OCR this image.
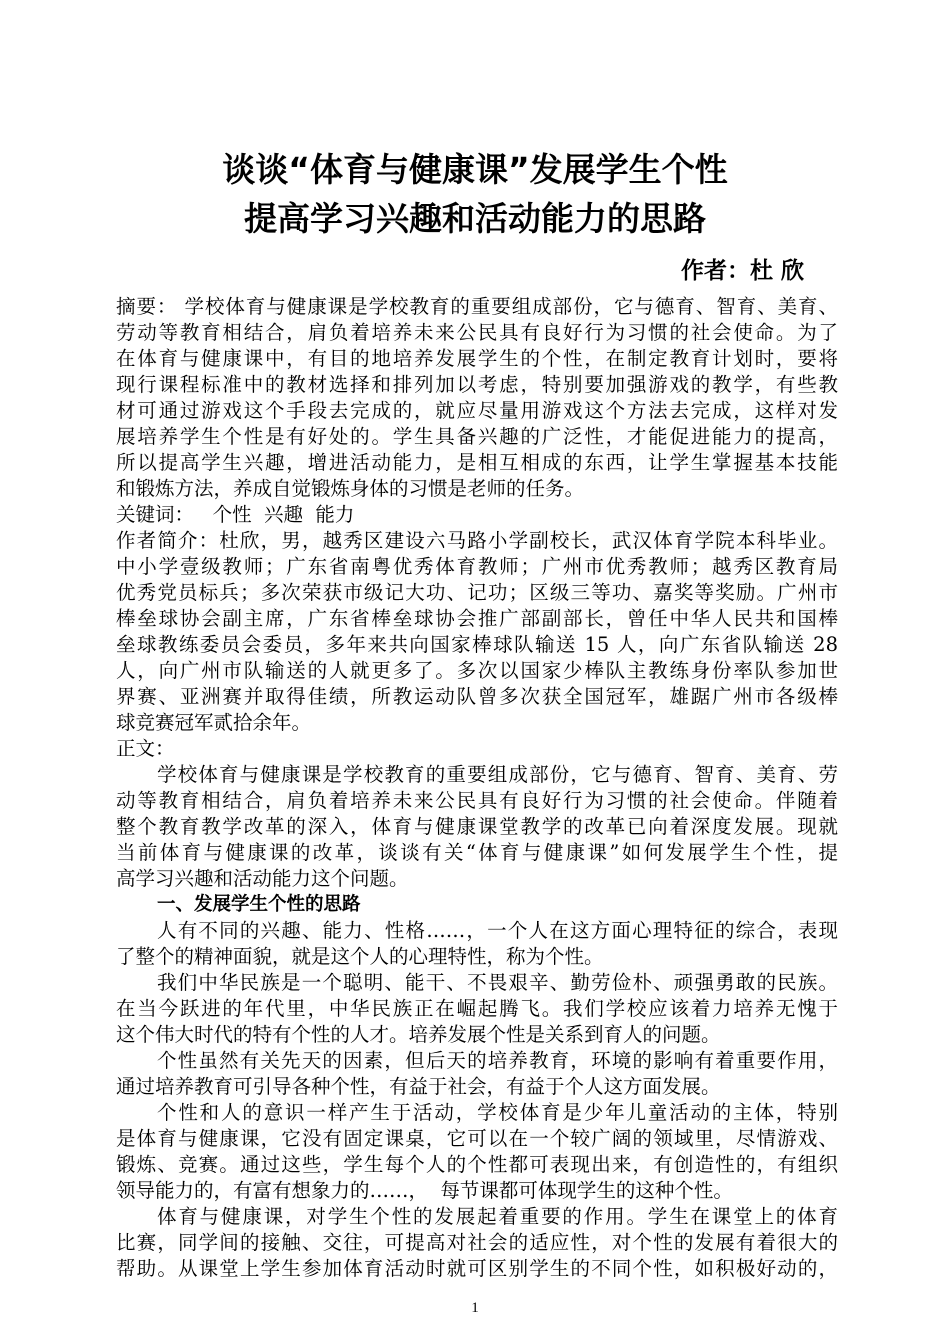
谈谈“体育与健康课”发展学生个性
提高学习兴趣和活动能力的思路
作者：杜 欣
摘要： 学校体育与健康课是学校教育的重要组成部份，它与德育、智育、美育、
劳动等教育相结合，肩负着培养未来公民具有良好行为习惯的社会使命。为了
在体育与健康课中，有目的地培养发展学生的个性，在制定教育计划时，要将
现行课程标准中的教材选择和排列加以考虑，特别要加强游戏的教学，有些教
材可通过游戏这个手段去完成的，就应尽量用游戏这个方法去完成，这样对发
展培养学生个性是有好处的。学生具备兴趣的广泛性，才能促进能力的提高，
所以提高学生兴趣，增进活动能力，是相互相成的东西，让学生掌握基本技能
和锻炼方法，养成自觉锻炼身体的习惯是老师的任务。
关键词：   个性  兴趣  能力
作者简介：杜欣，男，越秀区建设六马路小学副校长，武汉体育学院本科毕业。
中小学壹级教师；广东省南粤优秀体育教师；广州市优秀教师；越秀区教育局
优秀党员标兵；多次荣获市级记大功、记功；区级三等功、嘉奖等奖励。广州市
棒垒球协会副主席，广东省棒垒球协会推广部副部长，曾任中华人民共和国棒
垒球教练委员会委员，多年来共向国家棒球队输送 15 人，向广东省队输送 28
人，向广州市队输送的人就更多了。多次以国家少棒队主教练身份率队参加世
界赛、亚洲赛并取得佳绩，所教运动队曾多次获全国冠军，雄踞广州市各级棒
球竞赛冠军贰拾余年。
正文：
学校体育与健康课是学校教育的重要组成部份，它与德育、智育、美育、劳
动等教育相结合，肩负着培养未来公民具有良好行为习惯的社会使命。伴随着
整个教育教学改革的深入，体育与健康课堂教学的改革已向着深度发展。现就
当前体育与健康课的改革，谈谈有关“体育与健康课”如何发展学生个性，提
高学习兴趣和活动能力这个问题。
一、发展学生个性的思路
人有不同的兴趣、能力、性格……，一个人在这方面心理特征的综合，表现
了整个的精神面貌，就是这个人的心理特性，称为个性。
我们中华民族是一个聪明、能干、不畏艰辛、勤劳俭朴、顽强勇敢的民族。
在当今跃进的年代里，中华民族正在崛起腾飞。我们学校应该着力培养无愧于
这个伟大时代的特有个性的人才。培养发展个性是关系到育人的问题。
个性虽然有关先天的因素，但后天的培养教育，环境的影响有着重要作用，
通过培养教育可引导各种个性，有益于社会，有益于个人这方面发展。
个性和人的意识一样产生于活动，学校体育是少年儿童活动的主体，特别
是体育与健康课，它没有固定课桌，它可以在一个较广阔的领域里，尽情游戏、
锻炼、竞赛。通过这些，学生每个人的个性都可表现出来，有创造性的，有组织
领导能力的，有富有想象力的……，  每节课都可体现学生的这种个性。
体育与健康课，对学生个性的发展起着重要的作用。学生在课堂上的体育
比赛，同学间的接触、交往，可提高对社会的适应性，对个性的发展有着很大的
帮助。从课堂上学生参加体育活动时就可区别学生的不同个性，如积极好动的，
1
